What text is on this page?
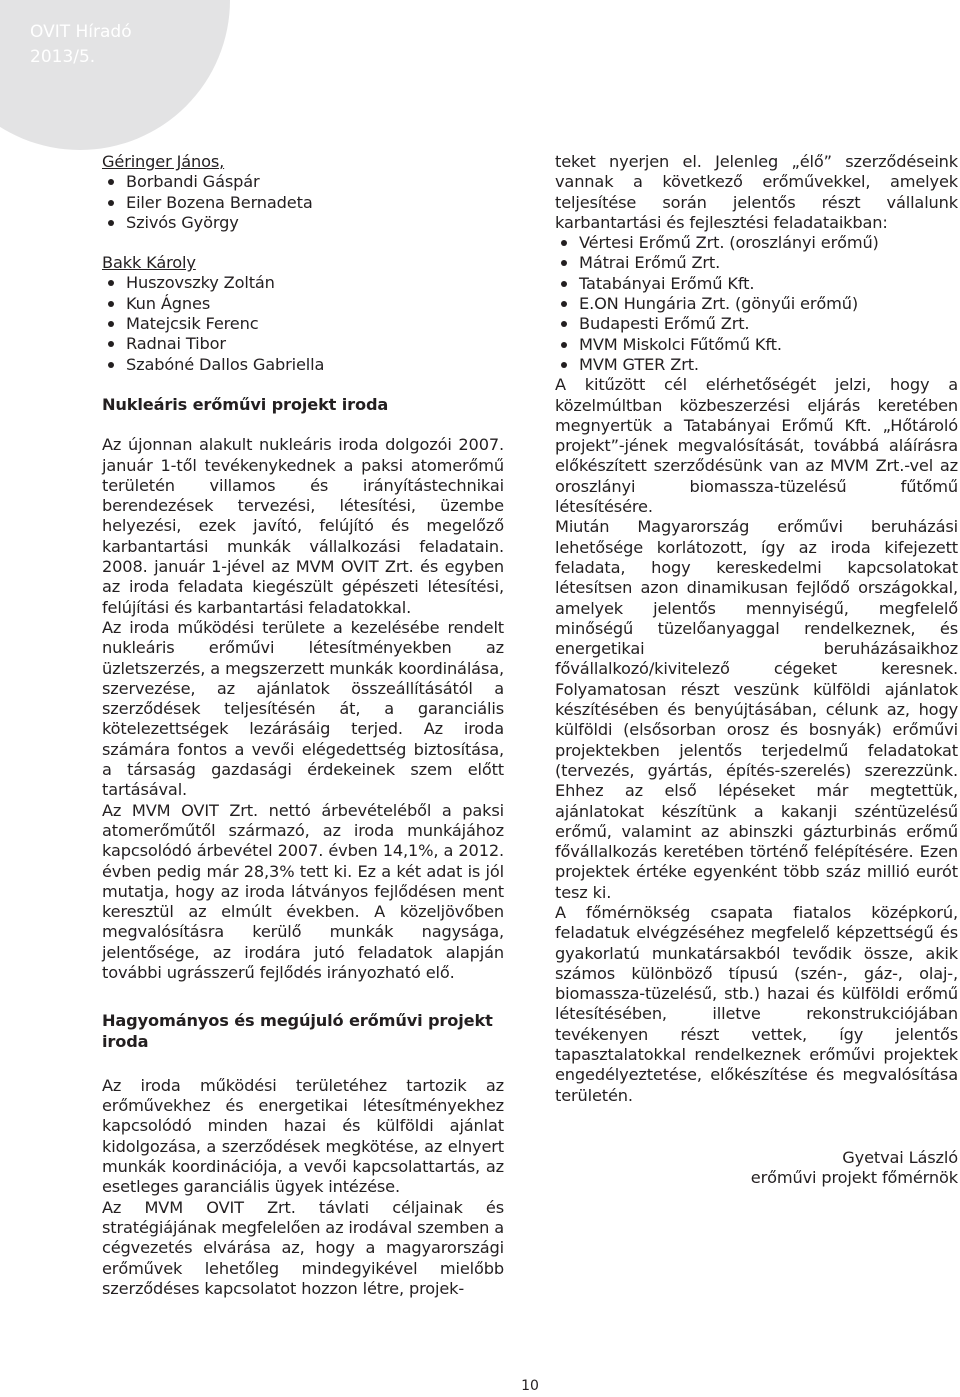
OVIT Híradó
2013/5.
Géringer János,
Borbandi Gáspár
Eiler Bozena Bernadeta
Szivós György
Bakk Károly
Huszovszky Zoltán
Kun Ágnes
Matejcsik Ferenc
Radnai Tibor
Szabóné Dallos Gabriella
Nukleáris erőművi projekt iroda

Az újonnan alakult nukleáris iroda dolgozói 2007. január 1-től tevékenykednek a paksi atomerőmű területén villamos és irányítástechnikai berendezések tervezési, létesítési, üzembe helyezési, ezek javító, felújító és megelőző karbantartási munkák vállalkozási feladatain. 2008. január 1-jével az MVM OVIT Zrt. és egyben az iroda feladata kiegészült gépészeti létesítési, felújítási és karbantartási feladatokkal.

Az iroda működési területe a kezelésébe rendelt nukleáris erőművi létesítményekben az üzletszerzés, a megszerzett munkák koordinálása, szervezése, az ajánlatok összeállításától a szerződések teljesítésén át, a garanciális kötelezettségek lezárásáig terjed. Az iroda számára fontos a vevői elégedettség biztosítása, a társaság gazdasági érdekeinek szem előtt tartásával.

Az MVM OVIT Zrt. nettó árbevételéből a paksi atomerőműtől származó, az iroda munkájához kapcsolódó árbevétel 2007. évben 14,1%, a 2012. évben pedig már 28,3% tett ki. Ez a két adat is jól mutatja, hogy az iroda látványos fejlődésen ment keresztül az elmúlt években. A közeljövőben megvalósításra kerülő munkák nagysága, jelentősége, az irodára jutó feladatok alapján további ugrásszerű fejlődés irányozható elő.

Hagyományos és megújuló erőművi projekt iroda

Az iroda működési területéhez tartozik az erőművekhez és energetikai létesítményekhez kapcsolódó minden hazai és külföldi ajánlat kidolgozása, a szerződések megkötése, az elnyert munkák koordinációja, a vevői kapcsolattartás, az esetleges garanciális ügyek intézése.

Az MVM OVIT Zrt. távlati céljainak és stratégiájának megfelelően az irodával szemben a cégvezetés elvárása az, hogy a magyarországi erőművek lehetőleg mindegyikével mielőbb szerződéses kapcsolatot hozzon létre, projek-

teket nyerjen el. Jelenleg „élő” szerződéseink vannak a következő erőművekkel, amelyek teljesítése során jelentős részt vállalunk karbantartási és fejlesztési feladataikban:

Vértesi Erőmű Zrt. (oroszlányi erőmű)
Mátrai Erőmű Zrt.
Tatabányai Erőmű Kft.
E.ON Hungária Zrt. (gönyűi erőmű)
Budapesti Erőmű Zrt.
MVM Miskolci Fűtőmű Kft.
MVM GTER Zrt.

A kitűzött cél elérhetőségét jelzi, hogy a közelmúltban közbeszerzési eljárás keretében megnyertük a Tatabányai Erőmű Kft. „Hőtároló projekt”-jének megvalósítását, továbbá aláírásra előkészített szerződésünk van az MVM Zrt.-vel az oroszlányi biomassza-tüzelésű fűtőmű létesítésére.

Miután Magyarország erőművi beruházási lehetősége korlátozott, így az iroda kifejezett feladata, hogy kereskedelmi kapcsolatokat létesítsen azon dinamikusan fejlődő országokkal, amelyek jelentős mennyiségű, megfelelő minőségű tüzelőanyaggal rendelkeznek, és energetikai beruházásaikhoz fővállalkozó/kivitelező cégeket keresnek. Folyamatosan részt veszünk külföldi ajánlatok készítésében és benyújtásában, célunk az, hogy külföldi (elsősorban orosz és bosnyák) erőművi projektekben jelentős terjedelmű feladatokat (tervezés, gyártás, építés-szerelés) szerezzünk. Ehhez az első lépéseket már megtettük, ajánlatokat készítünk a kakanji széntüzelésű erőmű, valamint az abinszki gázturbinás erőmű fővállalkozás keretében történő felépítésére. Ezen projektek értéke egyenként több száz millió eurót tesz ki.

A főmérnökség csapata fiatalos középkorú, feladatuk elvégzéséhez megfelelő képzettségű és gyakorlatú munkatársakból tevődik össze, akik számos különböző típusú (szén-, gáz-, olaj-, biomassza-tüzelésű, stb.) hazai és külföldi erőmű létesítésében, illetve rekonstrukciójában tevékenyen részt vettek, így jelentős tapasztalatokkal rendelkeznek erőművi projektek engedélyeztetése, előkészítése és megvalósítása területén.

Gyetvai László
erőművi projekt főmérnök
10
